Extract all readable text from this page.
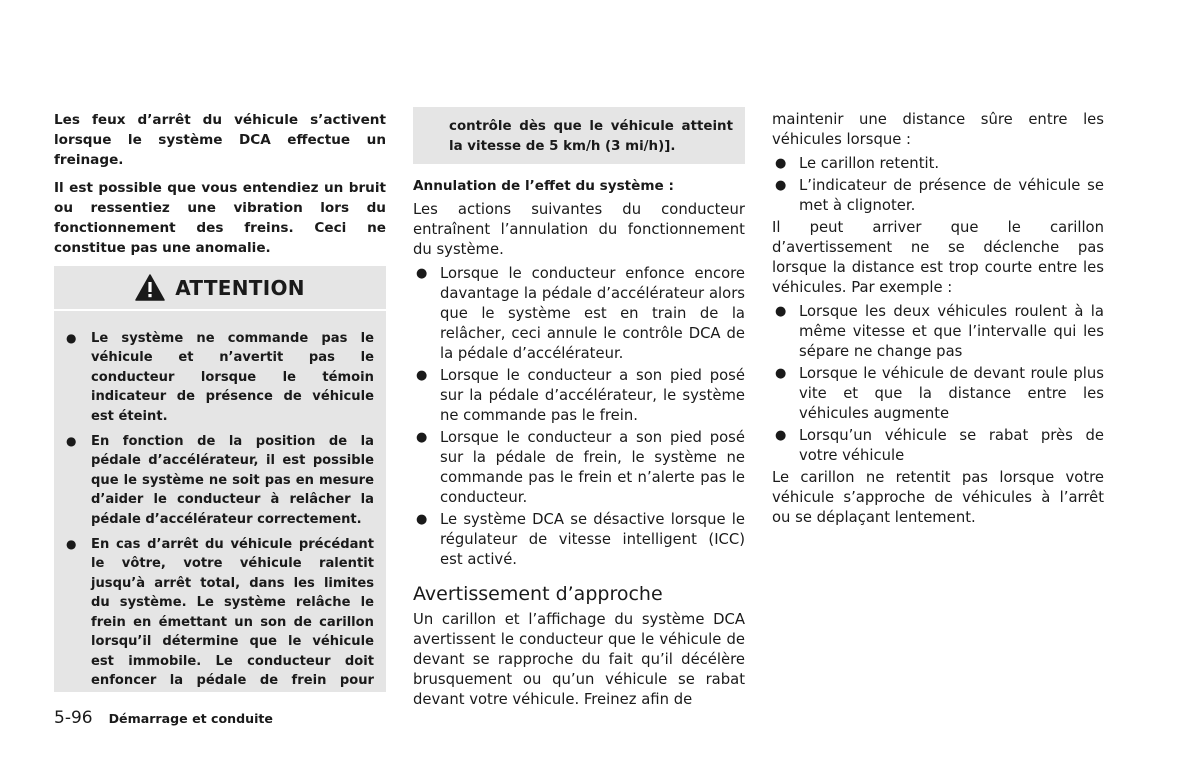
Les feux d’arrêt du véhicule s’activent lorsque le système DCA effectue un freinage.

Il est possible que vous entendiez un bruit ou ressentiez une vibration lors du fonctionnement des freins. Ceci ne constitue pas une anomalie.

ATTENTION
● Le système ne commande pas le véhicule et n’avertit pas le conducteur lorsque le témoin indicateur de présence de véhicule est éteint.
● En fonction de la position de la pédale d’accélérateur, il est possible que le système ne soit pas en mesure d’aider le conducteur à relâcher la pédale d’accélérateur correctement.
● En cas d’arrêt du véhicule précédant le vôtre, votre véhicule ralentit jusqu’à arrêt total, dans les limites du système. Le système relâche le frein en émettant un son de carillon lorsqu’il détermine que le véhicule est immobile. Le conducteur doit enfoncer la pédale de frein pour
contrôle dès que le véhicule atteint la vitesse de 5 km/h (3 mi/h)].
Annulation de l’effet du système :

Les actions suivantes du conducteur entraînent l’annulation du fonctionnement du système.

● Lorsque le conducteur enfonce encore davantage la pédale d’accélérateur alors que le système est en train de la relâcher, ceci annule le contrôle DCA de la pédale d’accélérateur.
● Lorsque le conducteur a son pied posé sur la pédale d’accélérateur, le système ne commande pas le frein.
● Lorsque le conducteur a son pied posé sur la pédale de frein, le système ne commande pas le frein et n’alerte pas le conducteur.
● Le système DCA se désactive lorsque le régulateur de vitesse intelligent (ICC) est activé.
Avertissement d’approche

Un carillon et l’affichage du système DCA avertissent le conducteur que le véhicule de devant se rapproche du fait qu’il décélère brusquement ou qu’un véhicule se rabat devant votre véhicule. Freinez afin de

maintenir une distance sûre entre les véhicules lorsque :

● Le carillon retentit.
● L’indicateur de présence de véhicule se met à clignoter.

Il peut arriver que le carillon d’avertissement ne se déclenche pas lorsque la distance est trop courte entre les véhicules. Par exemple :

● Lorsque les deux véhicules roulent à la même vitesse et que l’intervalle qui les sépare ne change pas
● Lorsque le véhicule de devant roule plus vite et que la distance entre les véhicules augmente
● Lorsqu’un véhicule se rabat près de votre véhicule

Le carillon ne retentit pas lorsque votre véhicule s’approche de véhicules à l’arrêt ou se déplaçant lentement.

5-96 Démarrage et conduite
